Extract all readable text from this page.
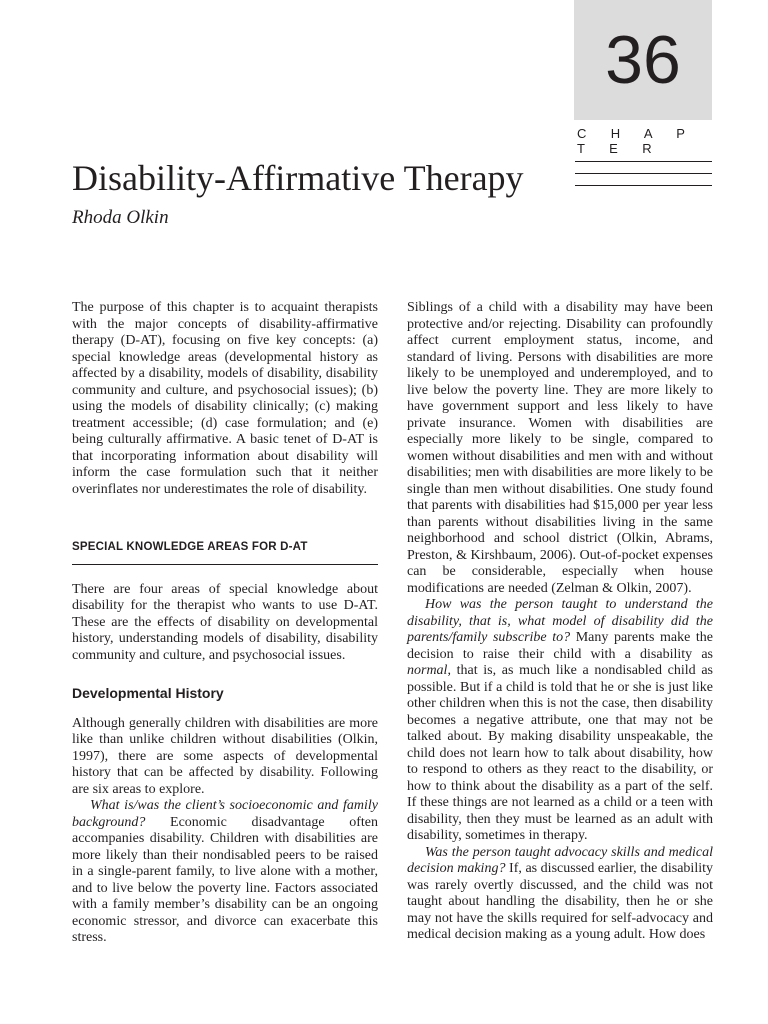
36
C H A P T E R
Disability-Affirmative Therapy
Rhoda Olkin

The purpose of this chapter is to acquaint therapists with the major concepts of disability-affirmative therapy (D-AT), focusing on five key concepts: (a) special knowledge areas (developmental history as affected by a disability, models of disability, disability community and culture, and psychosocial issues); (b) using the models of disability clinically; (c) making treatment accessible; (d) case formulation; and (e) being culturally affirmative. A basic tenet of D-AT is that incorporating information about disability will inform the case formulation such that it neither overinflates nor underestimates the role of disability.

SPECIAL KNOWLEDGE AREAS FOR D-AT

There are four areas of special knowledge about disability for the therapist who wants to use D-AT. These are the effects of disability on developmental history, understanding models of disability, disability community and culture, and psychosocial issues.

Developmental History

Although generally children with disabilities are more like than unlike children without disabilities (Olkin, 1997), there are some aspects of developmental history that can be affected by disability. Following are six areas to explore.

What is/was the client’s socioeconomic and family background? Economic disadvantage often accompanies disability. Children with disabilities are more likely than their nondisabled peers to be raised in a single-parent family, to live alone with a mother, and to live below the poverty line. Factors associated with a family member’s disability can be an ongoing economic stressor, and divorce can exacerbate this stress.

Siblings of a child with a disability may have been protective and/or rejecting. Disability can profoundly affect current employment status, income, and standard of living. Persons with disabilities are more likely to be unemployed and underemployed, and to live below the poverty line. They are more likely to have government support and less likely to have private insurance. Women with disabilities are especially more likely to be single, compared to women without disabilities and men with and without disabilities; men with disabilities are more likely to be single than men without disabilities. One study found that parents with disabilities had $15,000 per year less than parents without disabilities living in the same neighborhood and school district (Olkin, Abrams, Preston, & Kirshbaum, 2006). Out-of-pocket expenses can be considerable, especially when house modifications are needed (Zelman & Olkin, 2007).

How was the person taught to understand the disability, that is, what model of disability did the parents/family subscribe to? Many parents make the decision to raise their child with a disability as normal, that is, as much like a nondisabled child as possible. But if a child is told that he or she is just like other children when this is not the case, then disability becomes a negative attribute, one that may not be talked about. By making disability unspeakable, the child does not learn how to talk about disability, how to respond to others as they react to the disability, or how to think about the disability as a part of the self. If these things are not learned as a child or a teen with disability, then they must be learned as an adult with disability, sometimes in therapy.

Was the person taught advocacy skills and medical decision making? If, as discussed earlier, the disability was rarely overtly discussed, and the child was not taught about handling the disability, then he or she may not have the skills required for self-advocacy and medical decision making as a young adult. How does
